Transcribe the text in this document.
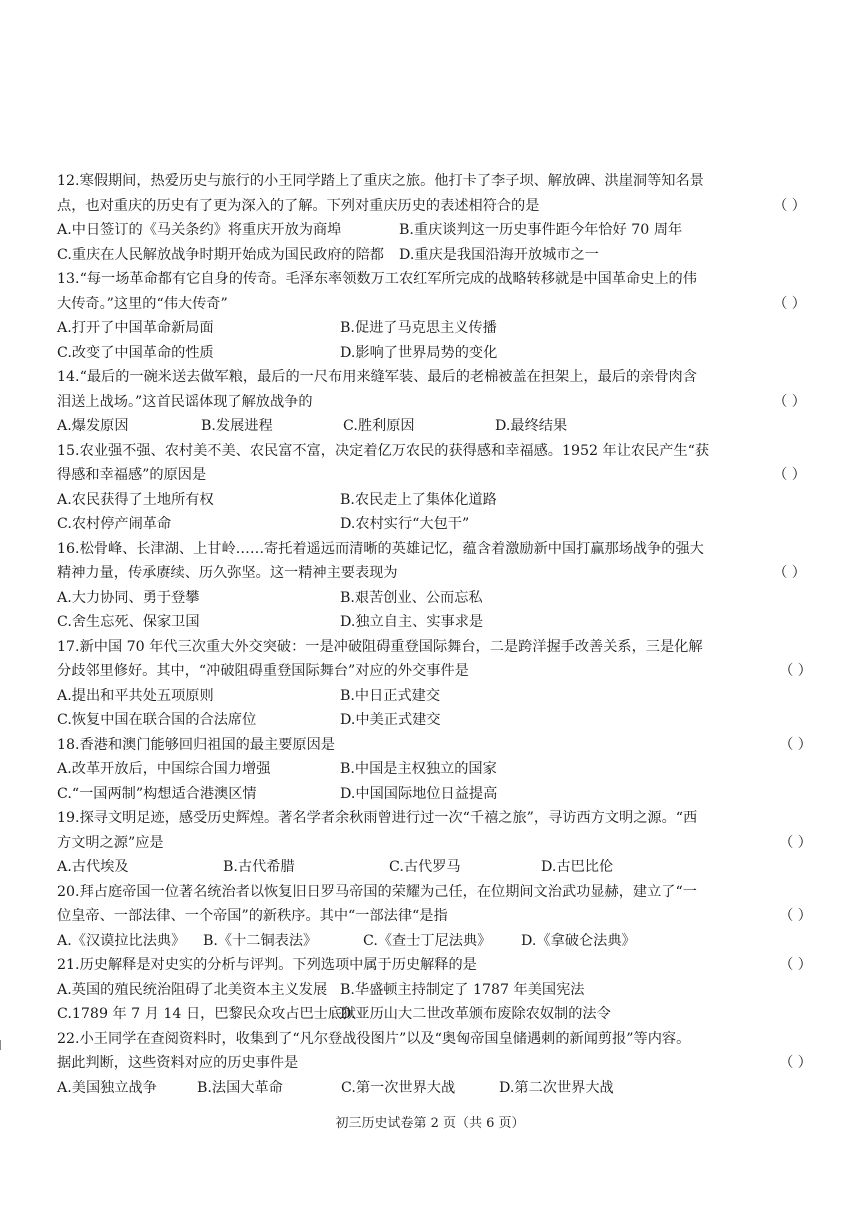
12.寒假期间，热爱历史与旅行的小王同学踏上了重庆之旅。他打卡了李子坝、解放碑、洪崖洞等知名景
点，也对重庆的历史有了更为深入的了解。下列对重庆历史的表述相符合的是	（ ）
A.中日签订的《马关条约》将重庆开放为商埠	B.重庆谈判这一历史事件距今年恰好 70 周年
C.重庆在人民解放战争时期开始成为国民政府的陪都	D.重庆是我国沿海开放城市之一
13.“每一场革命都有它自身的传奇。毛泽东率领数万工农红军所完成的战略转移就是中国革命史上的伟
大传奇。”这里的“伟大传奇”	（ ）
A.打开了中国革命新局面	B.促进了马克思主义传播
C.改变了中国革命的性质	D.影响了世界局势的变化
14.“最后的一碗米送去做军粮，最后的一尺布用来缝军装、最后的老棉被盖在担架上，最后的亲骨肉含
泪送上战场。”这首民谣体现了解放战争的	（ ）
A.爆发原因	B.发展进程	C.胜利原因	D.最终结果
15.农业强不强、农村美不美、农民富不富，决定着亿万农民的获得感和幸福感。1952 年让农民产生“获
得感和幸福感”的原因是	（ ）
A.农民获得了土地所有权	B.农民走上了集体化道路
C.农村停产闹革命	D.农村实行“大包干”
16.松骨峰、长津湖、上甘岭……寄托着遥远而清晰的英雄记忆，蕴含着激励新中国打赢那场战争的强大
精神力量，传承赓续、历久弥坚。这一精神主要表现为	（ ）
A.大力协同、勇于登攀	B.艰苦创业、公而忘私
C.舍生忘死、保家卫国	D.独立自主、实事求是
17.新中国 70 年代三次重大外交突破：一是冲破阻碍重登国际舞台，二是跨洋握手改善关系，三是化解
分歧邻里修好。其中，“冲破阻碍重登国际舞台”对应的外交事件是	（ ）
A.提出和平共处五项原则	B.中日正式建交
C.恢复中国在联合国的合法席位	D.中美正式建交
18.香港和澳门能够回归祖国的最主要原因是	（ ）
A.改革开放后，中国综合国力增强	B.中国是主权独立的国家
C.“一国两制”构想适合港澳区情	D.中国国际地位日益提高
19.探寻文明足迹，感受历史辉煌。著名学者余秋雨曾进行过一次“千禧之旅”，寻访西方文明之源。“西
方文明之源”应是	（ ）
A.古代埃及	B.古代希腊	C.古代罗马	D.古巴比伦
20.拜占庭帝国一位著名统治者以恢复旧日罗马帝国的荣耀为己任，在位期间文治武功显赫，建立了“一
位皇帝、一部法律、一个帝国”的新秩序。其中“一部法律“是指	（ ）
A.《汉谟拉比法典》	B.《十二铜表法》	C.《查士丁尼法典》	D.《拿破仑法典》
21.历史解释是对史实的分析与评判。下列选项中属于历史解释的是	（ ）
A.英国的殖民统治阻碍了北美资本主义发展 B.华盛顿主持制定了 1787 年美国宪法
C.1789 年 7 月 14 日，巴黎民众攻占巴士底狱
D.亚历山大二世改革颁布废除农奴制的法令
22.小王同学在查阅资料时，收集到了“凡尔登战役图片”以及“奥匈帝国皇储遇刺的新闻剪报”等内容。
据此判断，这些资料对应的历史事件是	（ ）
A.美国独立战争	B.法国大革命	C.第一次世界大战	D.第二次世界大战
初三历史试卷第 2 页（共 6 页）
